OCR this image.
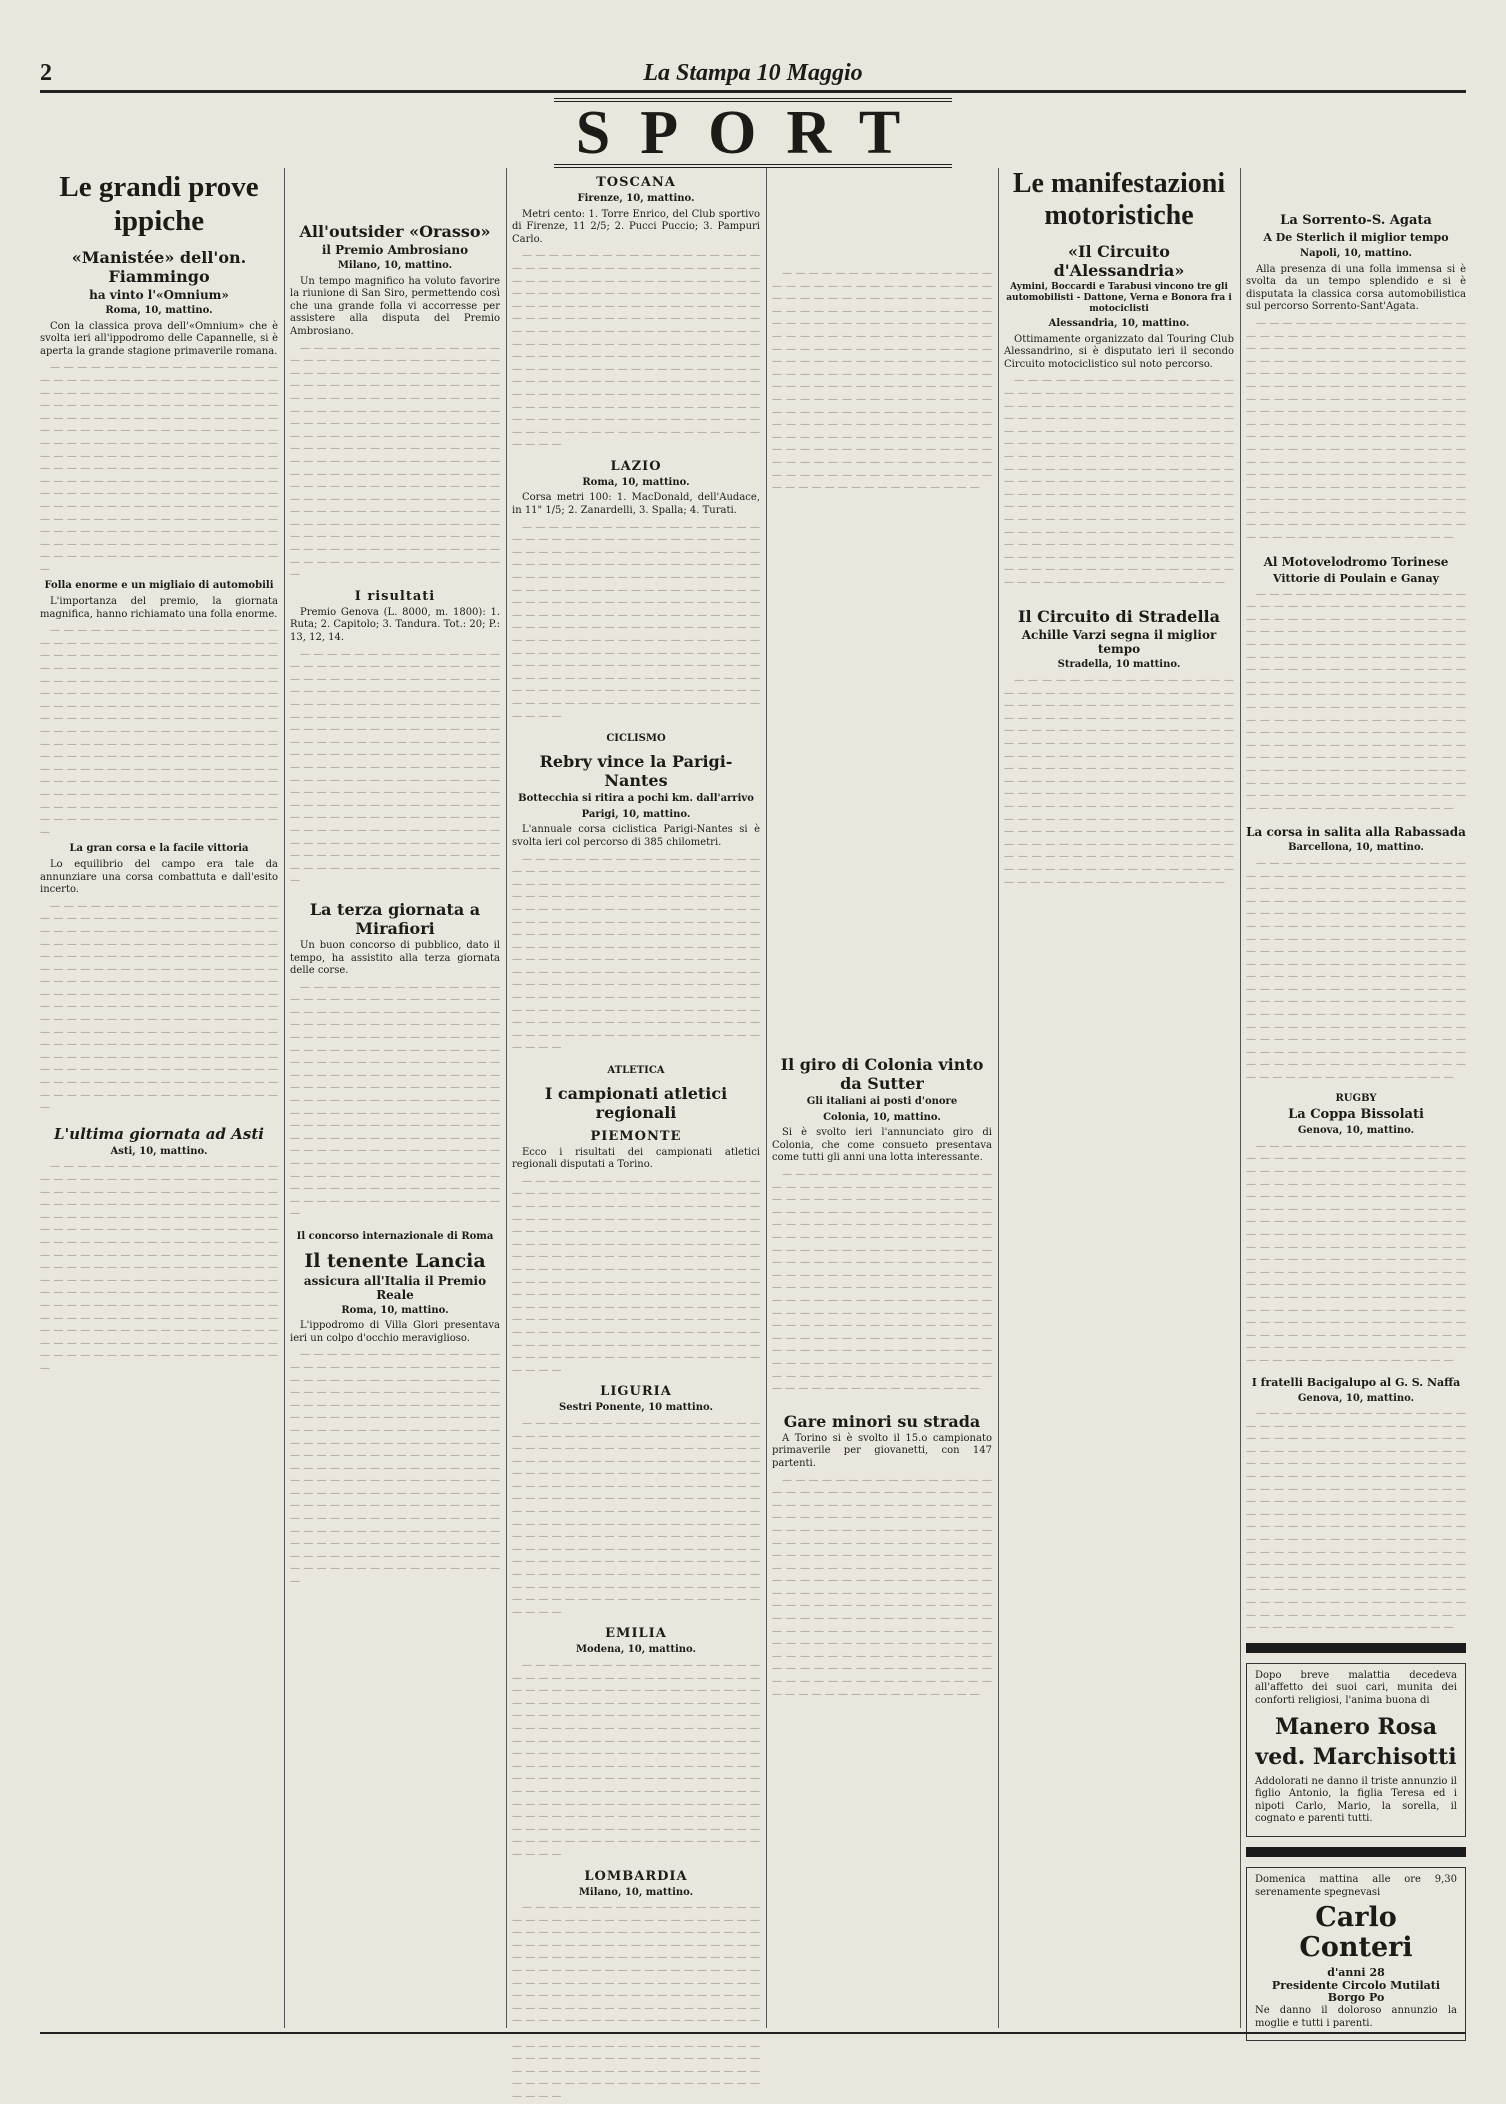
2	La Stampa 10 Maggio
SPORT
Le grandi prove ippiche
«Manistée» dell'on. Fiammingo
ha vinto l'«Omnium»
Roma, 10, mattino.

Con la classica prova dell'«Omnium» che è svolta ieri all'ippodromo delle Capannelle, si è aperta la grande stagione primaverile romana.

— — — — — — — — — — — — — — — — — — — — — — — — — — — — — — — — — — — — — — — — — — — — — — — — — — — — — — — — — — — — — — — — — — — — — — — — — — — — — — — — — — — — — — — — — — — — — — — — — — — — — — — — — — — — — — — — — — — — — — — — — — — — — — — — — — — — — — — — — — — — — — — — — — — — — — — — — — — — — — — — — — — — — — — — — — — — — — — — — — — — — — — — — — — — — — — — — — — — — — — — — — — — — — — — — — — — — — — — — — — — — — — — — — — — — — — — — — — — — — — — — — — — — — — — — — — — — — — — — — — — — — — — — — — — — — — — — — — — — — — — — — — — — — — —

Folla enorme e un migliaio di automobili

L'importanza del premio, la giornata magnifica, hanno richiamato una folla enorme.

— — — — — — — — — — — — — — — — — — — — — — — — — — — — — — — — — — — — — — — — — — — — — — — — — — — — — — — — — — — — — — — — — — — — — — — — — — — — — — — — — — — — — — — — — — — — — — — — — — — — — — — — — — — — — — — — — — — — — — — — — — — — — — — — — — — — — — — — — — — — — — — — — — — — — — — — — — — — — — — — — — — — — — — — — — — — — — — — — — — — — — — — — — — — — — — — — — — — — — — — — — — — — — — — — — — — — — — — — — — — — — — — — — — — — — — — — — — — — — — — — — — — — — — — — — — — — — — — — — — — — — — — — — — — — — — — — — — — — — — — — — — — — — — —

La gran corsa e la facile vittoria

Lo equilibrio del campo era tale da annunziare una corsa combattuta e dall'esito incerto.

— — — — — — — — — — — — — — — — — — — — — — — — — — — — — — — — — — — — — — — — — — — — — — — — — — — — — — — — — — — — — — — — — — — — — — — — — — — — — — — — — — — — — — — — — — — — — — — — — — — — — — — — — — — — — — — — — — — — — — — — — — — — — — — — — — — — — — — — — — — — — — — — — — — — — — — — — — — — — — — — — — — — — — — — — — — — — — — — — — — — — — — — — — — — — — — — — — — — — — — — — — — — — — — — — — — — — — — — — — — — — — — — — — — — — — — — — — — — — — — — — — — — — — — — — — — — — — — — — — — — — — — — — — — — — — — — — — — — — — — — — — — — — — — —

L'ultima giornata ad Asti
Asti, 10, mattino.

— — — — — — — — — — — — — — — — — — — — — — — — — — — — — — — — — — — — — — — — — — — — — — — — — — — — — — — — — — — — — — — — — — — — — — — — — — — — — — — — — — — — — — — — — — — — — — — — — — — — — — — — — — — — — — — — — — — — — — — — — — — — — — — — — — — — — — — — — — — — — — — — — — — — — — — — — — — — — — — — — — — — — — — — — — — — — — — — — — — — — — — — — — — — — — — — — — — — — — — — — — — — — — — — — — — — — — — — — — — — — — — — — — — — — — — — — — — — — — — — — — — — — — — — — — — — — — — — — — — — — — — — — — — — — — — — — — — — — — — — — — — — — — — —

All'outsider «Orasso»
il Premio Ambrosiano
Milano, 10, mattino.

Un tempo magnifico ha voluto favorire la riunione di San Siro, permettendo così che una grande folla vi accorresse per assistere alla disputa del Premio Ambrosiano.

— — — — — — — — — — — — — — — — — — — — — — — — — — — — — — — — — — — — — — — — — — — — — — — — — — — — — — — — — — — — — — — — — — — — — — — — — — — — — — — — — — — — — — — — — — — — — — — — — — — — — — — — — — — — — — — — — — — — — — — — — — — — — — — — — — — — — — — — — — — — — — — — — — — — — — — — — — — — — — — — — — — — — — — — — — — — — — — — — — — — — — — — — — — — — — — — — — — — — — — — — — — — — — — — — — — — — — — — — — — — — — — — — — — — — — — — — — — — — — — — — — — — — — — — — — — — — — — — — — — — — — — — — — — — — — — — — — — — — — — — — — — — — — — —

I risultati

Premio Genova (L. 8000, m. 1800): 1. Ruta; 2. Capitolo; 3. Tandura. Tot.: 20; P.: 13, 12, 14.

— — — — — — — — — — — — — — — — — — — — — — — — — — — — — — — — — — — — — — — — — — — — — — — — — — — — — — — — — — — — — — — — — — — — — — — — — — — — — — — — — — — — — — — — — — — — — — — — — — — — — — — — — — — — — — — — — — — — — — — — — — — — — — — — — — — — — — — — — — — — — — — — — — — — — — — — — — — — — — — — — — — — — — — — — — — — — — — — — — — — — — — — — — — — — — — — — — — — — — — — — — — — — — — — — — — — — — — — — — — — — — — — — — — — — — — — — — — — — — — — — — — — — — — — — — — — — — — — — — — — — — — — — — — — — — — — — — — — — — — — — — — — — — — —

La terza giornata a Mirafiori

Un buon concorso di pubblico, dato il tempo, ha assistito alla terza giornata delle corse.

— — — — — — — — — — — — — — — — — — — — — — — — — — — — — — — — — — — — — — — — — — — — — — — — — — — — — — — — — — — — — — — — — — — — — — — — — — — — — — — — — — — — — — — — — — — — — — — — — — — — — — — — — — — — — — — — — — — — — — — — — — — — — — — — — — — — — — — — — — — — — — — — — — — — — — — — — — — — — — — — — — — — — — — — — — — — — — — — — — — — — — — — — — — — — — — — — — — — — — — — — — — — — — — — — — — — — — — — — — — — — — — — — — — — — — — — — — — — — — — — — — — — — — — — — — — — — — — — — — — — — — — — — — — — — — — — — — — — — — — — — — — — — — — —

Il concorso internazionale di Roma
Il tenente Lancia
assicura all'Italia il Premio Reale
Roma, 10, mattino.

L'ippodromo di Villa Glori presentava ieri un colpo d'occhio meraviglioso.

— — — — — — — — — — — — — — — — — — — — — — — — — — — — — — — — — — — — — — — — — — — — — — — — — — — — — — — — — — — — — — — — — — — — — — — — — — — — — — — — — — — — — — — — — — — — — — — — — — — — — — — — — — — — — — — — — — — — — — — — — — — — — — — — — — — — — — — — — — — — — — — — — — — — — — — — — — — — — — — — — — — — — — — — — — — — — — — — — — — — — — — — — — — — — — — — — — — — — — — — — — — — — — — — — — — — — — — — — — — — — — — — — — — — — — — — — — — — — — — — — — — — — — — — — — — — — — — — — — — — — — — — — — — — — — — — — — — — — — — — — — — — — — — —

TOSCANA
Firenze, 10, mattino.

Metri cento: 1. Torre Enrico, del Club sportivo di Firenze, 11 2/5; 2. Pucci Puccio; 3. Pampuri Carlo.

— — — — — — — — — — — — — — — — — — — — — — — — — — — — — — — — — — — — — — — — — — — — — — — — — — — — — — — — — — — — — — — — — — — — — — — — — — — — — — — — — — — — — — — — — — — — — — — — — — — — — — — — — — — — — — — — — — — — — — — — — — — — — — — — — — — — — — — — — — — — — — — — — — — — — — — — — — — — — — — — — — — — — — — — — — — — — — — — — — — — — — — — — — — — — — — — — — — — — — — — — — — — — — — — — — — — — — — — — — — — — — — — — — — — — — — — — — — — — — — — — — — — — — — — — — — — — — — — — — — — — — — — — — — — — — — — — — — — — — — — — — — — — — — —

LAZIO
Roma, 10, mattino.

Corsa metri 100: 1. MacDonald, dell'Audace, in 11" 1/5; 2. Zanardelli, 3. Spalla; 4. Turati.

— — — — — — — — — — — — — — — — — — — — — — — — — — — — — — — — — — — — — — — — — — — — — — — — — — — — — — — — — — — — — — — — — — — — — — — — — — — — — — — — — — — — — — — — — — — — — — — — — — — — — — — — — — — — — — — — — — — — — — — — — — — — — — — — — — — — — — — — — — — — — — — — — — — — — — — — — — — — — — — — — — — — — — — — — — — — — — — — — — — — — — — — — — — — — — — — — — — — — — — — — — — — — — — — — — — — — — — — — — — — — — — — — — — — — — — — — — — — — — — — — — — — — — — — — — — — — — — — — — — — — — — — — — — — — — — — — — — — — — — — — — — — — — — —

CICLISMO
Rebry vince la Parigi-Nantes
Bottecchia si ritira a pochi km. dall'arrivo
Parigi, 10, mattino.

L'annuale corsa ciclistica Parigi-Nantes si è svolta ieri col percorso di 385 chilometri.

— — — — — — — — — — — — — — — — — — — — — — — — — — — — — — — — — — — — — — — — — — — — — — — — — — — — — — — — — — — — — — — — — — — — — — — — — — — — — — — — — — — — — — — — — — — — — — — — — — — — — — — — — — — — — — — — — — — — — — — — — — — — — — — — — — — — — — — — — — — — — — — — — — — — — — — — — — — — — — — — — — — — — — — — — — — — — — — — — — — — — — — — — — — — — — — — — — — — — — — — — — — — — — — — — — — — — — — — — — — — — — — — — — — — — — — — — — — — — — — — — — — — — — — — — — — — — — — — — — — — — — — — — — — — — — — — — — — — — — — — — — — — — — — —

ATLETICA
I campionati atletici regionali
PIEMONTE

Ecco i risultati dei campionati atletici regionali disputati a Torino.

— — — — — — — — — — — — — — — — — — — — — — — — — — — — — — — — — — — — — — — — — — — — — — — — — — — — — — — — — — — — — — — — — — — — — — — — — — — — — — — — — — — — — — — — — — — — — — — — — — — — — — — — — — — — — — — — — — — — — — — — — — — — — — — — — — — — — — — — — — — — — — — — — — — — — — — — — — — — — — — — — — — — — — — — — — — — — — — — — — — — — — — — — — — — — — — — — — — — — — — — — — — — — — — — — — — — — — — — — — — — — — — — — — — — — — — — — — — — — — — — — — — — — — — — — — — — — — — — — — — — — — — — — — — — — — — — — — — — — — — — — — — — — — — —

LIGURIA
Sestri Ponente, 10 mattino.

— — — — — — — — — — — — — — — — — — — — — — — — — — — — — — — — — — — — — — — — — — — — — — — — — — — — — — — — — — — — — — — — — — — — — — — — — — — — — — — — — — — — — — — — — — — — — — — — — — — — — — — — — — — — — — — — — — — — — — — — — — — — — — — — — — — — — — — — — — — — — — — — — — — — — — — — — — — — — — — — — — — — — — — — — — — — — — — — — — — — — — — — — — — — — — — — — — — — — — — — — — — — — — — — — — — — — — — — — — — — — — — — — — — — — — — — — — — — — — — — — — — — — — — — — — — — — — — — — — — — — — — — — — — — — — — — — — — — — — — — — — — — — — — —

EMILIA
Modena, 10, mattino.

— — — — — — — — — — — — — — — — — — — — — — — — — — — — — — — — — — — — — — — — — — — — — — — — — — — — — — — — — — — — — — — — — — — — — — — — — — — — — — — — — — — — — — — — — — — — — — — — — — — — — — — — — — — — — — — — — — — — — — — — — — — — — — — — — — — — — — — — — — — — — — — — — — — — — — — — — — — — — — — — — — — — — — — — — — — — — — — — — — — — — — — — — — — — — — — — — — — — — — — — — — — — — — — — — — — — — — — — — — — — — — — — — — — — — — — — — — — — — — — — — — — — — — — — — — — — — — — — — — — — — — — — — — — — — — — — — — — — — — — — — — — — — — — —

LOMBARDIA
Milano, 10, mattino.

— — — — — — — — — — — — — — — — — — — — — — — — — — — — — — — — — — — — — — — — — — — — — — — — — — — — — — — — — — — — — — — — — — — — — — — — — — — — — — — — — — — — — — — — — — — — — — — — — — — — — — — — — — — — — — — — — — — — — — — — — — — — — — — — — — — — — — — — — — — — — — — — — — — — — — — — — — — — — — — — — — — — — — — — — — — — — — — — — — — — — — — — — — — — — — — — — — — — — — — — — — — — — — — — — — — — — — — — — — — — — — — — — — — — — — — — — — — — — — — — — — — — — — — — — — — — — — — — — — — — — — — — — — — — —

— — — — — — — — — — — — — — — — — — — — — — — — — — — — — — — — — — — — — — — — — — — — — — — — — — — — — — — — — — — — — — — — — — — — — — — — — — — — — — — — — — — — — — — — — — — — — — — — — — — — — — — — — — — — — — — — — — — — — — — — — — — — — — — — — — — — — — — — — — — — — — — — — — — — — — — — — — — — — — — — — — — — — — — — — — — — — — — — — — — — — — — — — — — — — — — — — — — — — — — — — — — — — — — — — — — — — — — — — — — — — — — — — — — — — — — — — — — — — — — — — — — — — — — — — — — — — — — — — — — — — — — — — — — — — — — — — — — — — — — — — — — — — — — —

Il giro di Colonia vinto da Sutter
Gli italiani ai posti d'onore
Colonia, 10, mattino.

Si è svolto ieri l'annunciato giro di Colonia, che come consueto presentava come tutti gli anni una lotta interessante.

— — — — — — — — — — — — — — — — — — — — — — — — — — — — — — — — — — — — — — — — — — — — — — — — — — — — — — — — — — — — — — — — — — — — — — — — — — — — — — — — — — — — — — — — — — — — — — — — — — — — — — — — — — — — — — — — — — — — — — — — — — — — — — — — — — — — — — — — — — — — — — — — — — — — — — — — — — — — — — — — — — — — — — — — — — — — — — — — — — — — — — — — — — — — — — — — — — — — — — — — — — — — — — — — — — — — — — — — — — — — — — — — — — — — — — — — — — — — — — — — — — — — — — — — — — — — — — — — — — — — — — — — — — — — — — — — — — — — — — — — — — — — — — — —

Gare minori su strada

A Torino si è svolto il 15.o campionato primaverile per giovanetti, con 147 partenti.

— — — — — — — — — — — — — — — — — — — — — — — — — — — — — — — — — — — — — — — — — — — — — — — — — — — — — — — — — — — — — — — — — — — — — — — — — — — — — — — — — — — — — — — — — — — — — — — — — — — — — — — — — — — — — — — — — — — — — — — — — — — — — — — — — — — — — — — — — — — — — — — — — — — — — — — — — — — — — — — — — — — — — — — — — — — — — — — — — — — — — — — — — — — — — — — — — — — — — — — — — — — — — — — — — — — — — — — — — — — — — — — — — — — — — — — — — — — — — — — — — — — — — — — — — — — — — — — — — — — — — — — — — — — — — — — — — — — — — — — — — — — — — — — —

Le manifestazioni motoristiche
«Il Circuito d'Alessandria»
Aymini, Boccardi e Tarabusi vincono tre gli automobilisti - Dattone, Verna e Bonora fra i motociclisti
Alessandria, 10, mattino.

Ottimamente organizzato dal Touring Club Alessandrino, si è disputato ieri il secondo Circuito motociclistico sul noto percorso.

— — — — — — — — — — — — — — — — — — — — — — — — — — — — — — — — — — — — — — — — — — — — — — — — — — — — — — — — — — — — — — — — — — — — — — — — — — — — — — — — — — — — — — — — — — — — — — — — — — — — — — — — — — — — — — — — — — — — — — — — — — — — — — — — — — — — — — — — — — — — — — — — — — — — — — — — — — — — — — — — — — — — — — — — — — — — — — — — — — — — — — — — — — — — — — — — — — — — — — — — — — — — — — — — — — — — — — — — — — — — — — — — — — — — — — — — — — — — — — — — — — — — — — — — — — — — — — — — — — — — — — — — — — — — — — — — — — — — — — — — — — — — — — — —

Il Circuito di Stradella
Achille Varzi segna il miglior tempo
Stradella, 10 mattino.

— — — — — — — — — — — — — — — — — — — — — — — — — — — — — — — — — — — — — — — — — — — — — — — — — — — — — — — — — — — — — — — — — — — — — — — — — — — — — — — — — — — — — — — — — — — — — — — — — — — — — — — — — — — — — — — — — — — — — — — — — — — — — — — — — — — — — — — — — — — — — — — — — — — — — — — — — — — — — — — — — — — — — — — — — — — — — — — — — — — — — — — — — — — — — — — — — — — — — — — — — — — — — — — — — — — — — — — — — — — — — — — — — — — — — — — — — — — — — — — — — — — — — — — — — — — — — — — — — — — — — — — — — — — — — — — — — — — — — — — — — — — — — — — —

La Sorrento-S. Agata
A De Sterlich il miglior tempo
Napoli, 10, mattino.

Alla presenza di una folla immensa si è svolta da un tempo splendido e si è disputata la classica corsa automobilistica sul percorso Sorrento-Sant'Agata.

— — — — — — — — — — — — — — — — — — — — — — — — — — — — — — — — — — — — — — — — — — — — — — — — — — — — — — — — — — — — — — — — — — — — — — — — — — — — — — — — — — — — — — — — — — — — — — — — — — — — — — — — — — — — — — — — — — — — — — — — — — — — — — — — — — — — — — — — — — — — — — — — — — — — — — — — — — — — — — — — — — — — — — — — — — — — — — — — — — — — — — — — — — — — — — — — — — — — — — — — — — — — — — — — — — — — — — — — — — — — — — — — — — — — — — — — — — — — — — — — — — — — — — — — — — — — — — — — — — — — — — — — — — — — — — — — — — — — — — — — — — — — — — — —

Al Motovelodromo Torinese
Vittorie di Poulain e Ganay

— — — — — — — — — — — — — — — — — — — — — — — — — — — — — — — — — — — — — — — — — — — — — — — — — — — — — — — — — — — — — — — — — — — — — — — — — — — — — — — — — — — — — — — — — — — — — — — — — — — — — — — — — — — — — — — — — — — — — — — — — — — — — — — — — — — — — — — — — — — — — — — — — — — — — — — — — — — — — — — — — — — — — — — — — — — — — — — — — — — — — — — — — — — — — — — — — — — — — — — — — — — — — — — — — — — — — — — — — — — — — — — — — — — — — — — — — — — — — — — — — — — — — — — — — — — — — — — — — — — — — — — — — — — — — — — — — — — — — — — — — — — — — — — —

La corsa in salita alla Rabassada
Barcellona, 10, mattino.

— — — — — — — — — — — — — — — — — — — — — — — — — — — — — — — — — — — — — — — — — — — — — — — — — — — — — — — — — — — — — — — — — — — — — — — — — — — — — — — — — — — — — — — — — — — — — — — — — — — — — — — — — — — — — — — — — — — — — — — — — — — — — — — — — — — — — — — — — — — — — — — — — — — — — — — — — — — — — — — — — — — — — — — — — — — — — — — — — — — — — — — — — — — — — — — — — — — — — — — — — — — — — — — — — — — — — — — — — — — — — — — — — — — — — — — — — — — — — — — — — — — — — — — — — — — — — — — — — — — — — — — — — — — — — — — — — — — — — — — — — — — — — — — —

RUGBY
La Coppa Bissolati
Genova, 10, mattino.

— — — — — — — — — — — — — — — — — — — — — — — — — — — — — — — — — — — — — — — — — — — — — — — — — — — — — — — — — — — — — — — — — — — — — — — — — — — — — — — — — — — — — — — — — — — — — — — — — — — — — — — — — — — — — — — — — — — — — — — — — — — — — — — — — — — — — — — — — — — — — — — — — — — — — — — — — — — — — — — — — — — — — — — — — — — — — — — — — — — — — — — — — — — — — — — — — — — — — — — — — — — — — — — — — — — — — — — — — — — — — — — — — — — — — — — — — — — — — — — — — — — — — — — — — — — — — — — — — — — — — — — — — — — — — — — — — — — — — — — — — — — — — — — —

I fratelli Bacigalupo al G. S. Naffa
Genova, 10, mattino.

— — — — — — — — — — — — — — — — — — — — — — — — — — — — — — — — — — — — — — — — — — — — — — — — — — — — — — — — — — — — — — — — — — — — — — — — — — — — — — — — — — — — — — — — — — — — — — — — — — — — — — — — — — — — — — — — — — — — — — — — — — — — — — — — — — — — — — — — — — — — — — — — — — — — — — — — — — — — — — — — — — — — — — — — — — — — — — — — — — — — — — — — — — — — — — — — — — — — — — — — — — — — — — — — — — — — — — — — — — — — — — — — — — — — — — — — — — — — — — — — — — — — — — — — — — — — — — — — — — — — — — — — — — — — — — — — — — — — — — — — — — — — — — — —

Dopo breve malattia decedeva all'affetto dei suoi cari, munita dei conforti religiosi, l'anima buona di

Manero Rosa ved. Marchisotti

Addolorati ne danno il triste annunzio il figlio Antonio, la figlia Teresa ed i nipoti Carlo, Mario, la sorella, il cognato e parenti tutti.

Domenica mattina alle ore 9,30 serenamente spegnevasi

Carlo Conteri
d'anni 28
Presidente Circolo Mutilati Borgo Po

Ne danno il doloroso annunzio la moglie e tutti i parenti.
